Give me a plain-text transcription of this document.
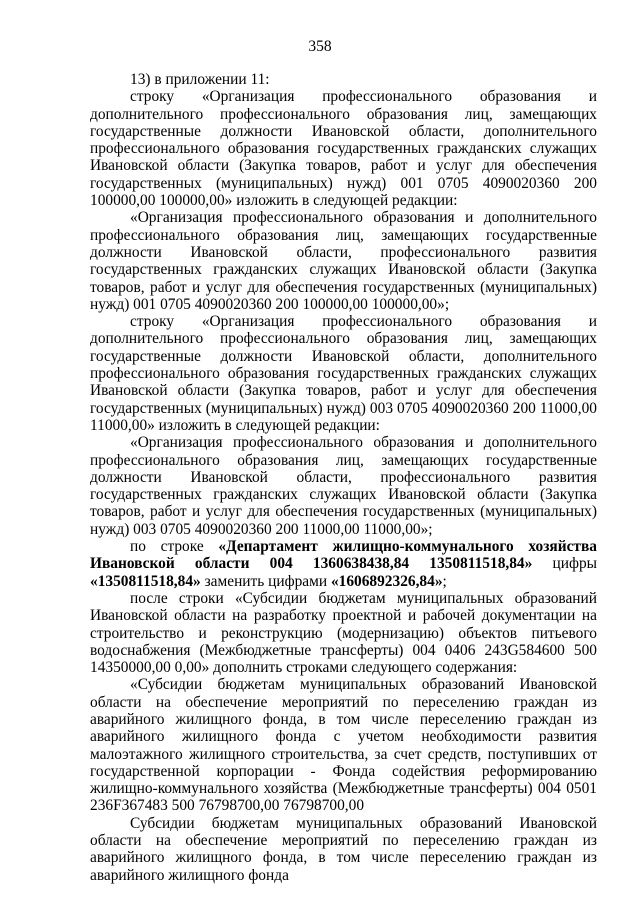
358

13) в приложении 11:

строку «Организация профессионального образования и дополнительного профессионального образования лиц, замещающих государственные должности Ивановской области, дополнительного профессионального образования государственных гражданских служащих Ивановской области (Закупка товаров, работ и услуг для обеспечения государственных (муниципальных) нужд) 001 0705 4090020360 200 100000,00 100000,00» изложить в следующей редакции:

«Организация профессионального образования и дополнительного профессионального образования лиц, замещающих государственные должности Ивановской области, профессионального развития государственных гражданских служащих Ивановской области (Закупка товаров, работ и услуг для обеспечения государственных (муниципальных) нужд) 001 0705 4090020360 200 100000,00 100000,00»;

строку «Организация профессионального образования и дополнительного профессионального образования лиц, замещающих государственные должности Ивановской области, дополнительного профессионального образования государственных гражданских служащих Ивановской области (Закупка товаров, работ и услуг для обеспечения государственных (муниципальных) нужд) 003 0705 4090020360 200 11000,00 11000,00» изложить в следующей редакции:

«Организация профессионального образования и дополнительного профессионального образования лиц, замещающих государственные должности Ивановской области, профессионального развития государственных гражданских служащих Ивановской области (Закупка товаров, работ и услуг для обеспечения государственных (муниципальных) нужд) 003 0705 4090020360 200 11000,00 11000,00»;

по строке «Департамент жилищно-коммунального хозяйства Ивановской области 004 1360638438,84 1350811518,84» цифры «1350811518,84» заменить цифрами «1606892326,84»;

после строки «Субсидии бюджетам муниципальных образований Ивановской области на разработку проектной и рабочей документации на строительство и реконструкцию (модернизацию) объектов питьевого водоснабжения (Межбюджетные трансферты) 004 0406 243G584600 500 14350000,00 0,00» дополнить строками следующего содержания:

«Субсидии бюджетам муниципальных образований Ивановской области на обеспечение мероприятий по переселению граждан из аварийного жилищного фонда, в том числе переселению граждан из аварийного жилищного фонда с учетом необходимости развития малоэтажного жилищного строительства, за счет средств, поступивших от государственной корпорации - Фонда содействия реформированию жилищно-коммунального хозяйства (Межбюджетные трансферты) 004 0501 236F367483 500 76798700,00 76798700,00

Субсидии бюджетам муниципальных образований Ивановской области на обеспечение мероприятий по переселению граждан из аварийного жилищного фонда, в том числе переселению граждан из аварийного жилищного фонда
